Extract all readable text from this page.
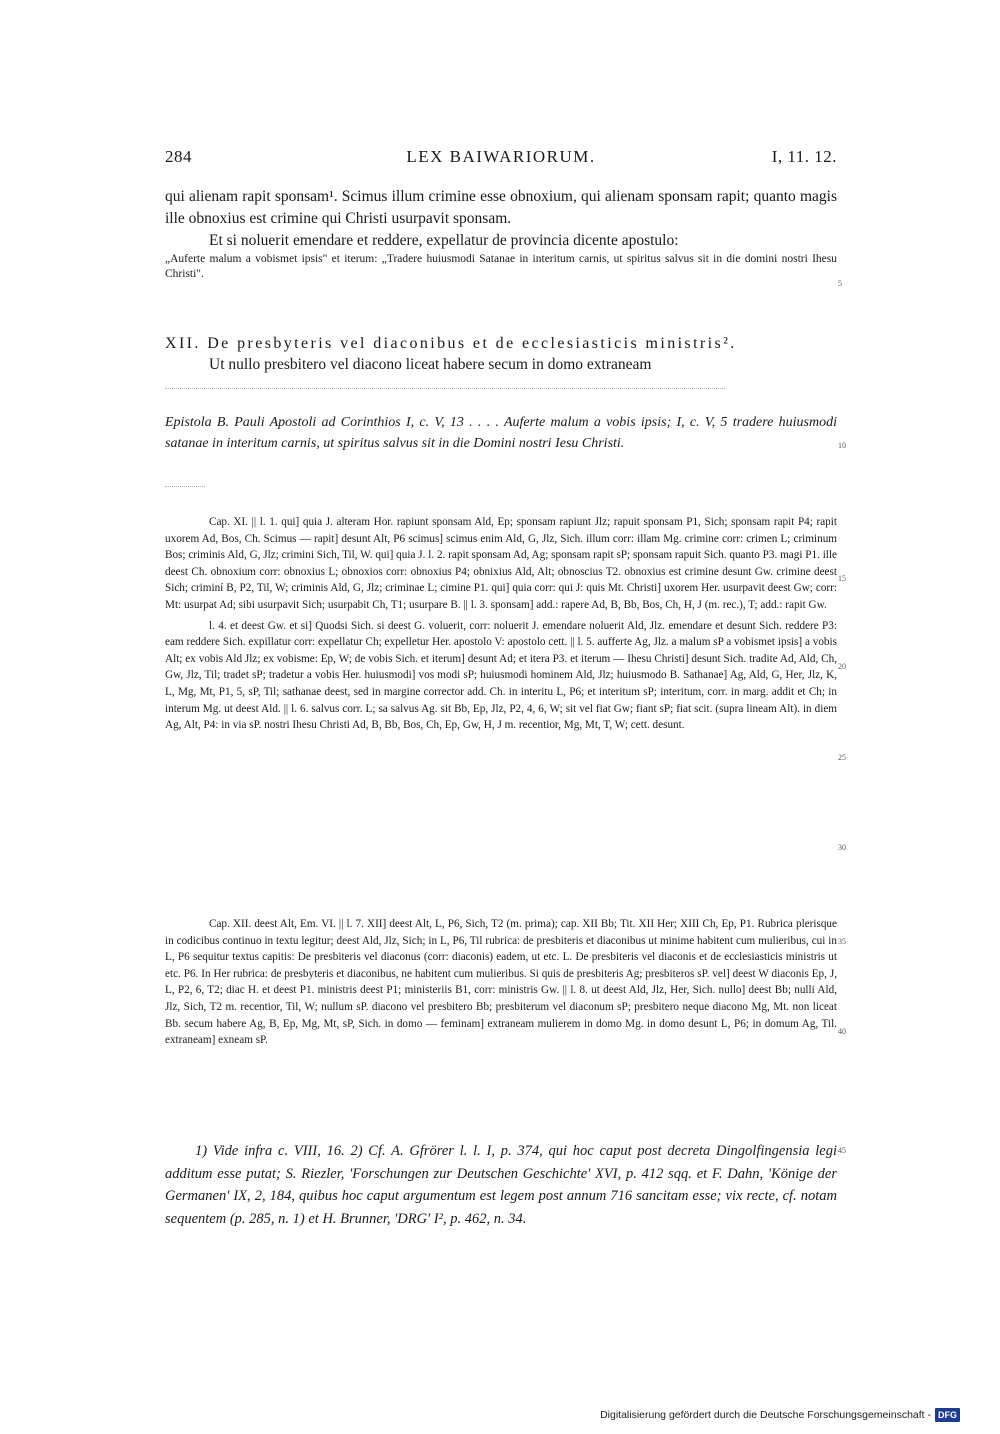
284	LEX BAIWARIORUM.	I, 11. 12.

qui alienam rapit sponsam¹. Scimus illum crimine esse obnoxium, qui alienam sponsam rapit; quanto magis ille obnoxius est crimine qui Christi usurpavit sponsam.

Et si noluerit emendare et reddere, expellatur de provincia dicente apostulo:

„Auferte malum a vobismet ipsis" et iterum: „Tradere huiusmodi Satanae in interitum carnis, ut spiritus salvus sit in die domini nostri Ihesu Christi".

XII. De presbyteris vel diaconibus et de ecclesiasticis ministris².
Ut nullo presbitero vel diacono liceat habere secum in domo extraneam
Epistola B. Pauli Apostoli ad Corinthios I, c. V, 13 . . . . Auferte malum a vobis ipsis; I, c. V, 5 tradere huiusmodi satanae in interitum carnis, ut spiritus salvus sit in die Domini nostri Iesu Christi.

Cap. XI. || l. 1. qui] quia J. alteram Hor. rapiunt sponsam Ald, Ep; sponsam rapiunt Jlz; rapuit sponsam P1, Sich; sponsam rapit P4; rapit uxorem Ad, Bos, Ch. Scimus — rapit] desunt Alt, P6 scimus] scimus enim Ald, G, Jlz, Sich. illum corr: illam Mg. crimine corr: crimen L; criminum Bos; criminis Ald, G, Jlz; crimini Sich, Til, W. qui] quia J. l. 2. rapit sponsam Ad, Ag; sponsam rapit sP; sponsam rapuit Sich. quanto P3. magi P1. ille deest Ch. obnoxium corr: obnoxius L; obnoxios corr: obnoxius P4; obnixius Ald, Alt; obnoscius T2. obnoxius est crimine desunt Gw. crimine deest Sich; criminí B, P2, Til, W; criminis Ald, G, Jlz; criminae L; cimine P1. qui] quia corr: qui J: quis Mt. Christi] uxorem Her. usurpavit deest Gw; corr: Mt: usurpat Ad; sibi usurpavit Sich; usurpabit Ch, T1; usurpare B. || l. 3. sponsam] add.: rapere Ad, B, Bb, Bos, Ch, H, J (m. rec.), T; add.: rapit Gw.

l. 4. et deest Gw. et si] Quodsi Sich. si deest G. voluerit, corr: noluerit J. emendare noluerit Ald, Jlz. emendare et desunt Sich. reddere P3: eam reddere Sich. expillatur corr: expellatur Ch; expelletur Her. apostolo V: apostolo cett. || l. 5. aufferte Ag, Jlz. a malum sP a vobismet ipsis] a vobis Alt; ex vobis Ald Jlz; ex vobisme: Ep, W; de vobis Sich. et iterum] desunt Ad; et itera P3. et iterum — Ihesu Christi] desunt Sich. tradite Ad, Ald, Ch, Gw, Jlz, Til; tradet sP; tradetur a vobis Her. huiusmodi] vos modi sP; huiusmodi hominem Ald, Jlz; huiusmodo B. Sathanae] Ag, Ald, G, Her, Jlz, K, L, Mg, Mt, P1, 5, sP, Til; sathanae deest, sed in margine corrector add. Ch. in interitu L, P6; et interitum sP; interitum, corr. in marg. addit et Ch; in interum Mg. ut deest Ald. || l. 6. salvus corr. L; sa salvus Ag. sit Bb, Ep, Jlz, P2, 4, 6, W; sit vel fiat Gw; fiant sP; fiat scit. (supra lineam Alt). in diem Ag, Alt, P4: in via sP. nostri Ihesu Christi Ad, B, Bb, Bos, Ch, Ep, Gw, H, J m. recentior, Mg, Mt, T, W; cett. desunt.

Cap. XII. deest Alt, Em. VI. || l. 7. XII] deest Alt, L, P6, Sich, T2 (m. prima); cap. XII Bb; Tit. XII Her; XIII Ch, Ep, P1. Rubrica plerisque in codicibus continuo in textu legitur; deest Ald, Jlz, Sich; in L, P6, Til rubrica: de presbiteris et diaconibus ut minime habitent cum mulieribus, cui in L, P6 sequitur textus capitis: De presbiteris vel diaconus (corr: diaconis) eadem, ut etc. L. De presbiteris vel diaconis et de ecclesiasticis ministris ut etc. P6. In Her rubrica: de presbyteris et diaconibus, ne habitent cum mulieribus. Si quis de presbiteris Ag; presbiteros sP. vel] deest W diaconis Ep, J, L, P2, 6, T2; diac H. et deest P1. ministris deest P1; ministeriis B1, corr: ministris Gw. || l. 8. ut deest Ald, Jlz, Her, Sich. nullo] deest Bb; nulli Ald, Jlz, Sich, T2 m. recentior, Til, W; nullum sP. diacono vel presbitero Bb; presbiterum vel diaconum sP; presbitero neque diacono Mg, Mt. non liceat Bb. secum habere Ag, B, Ep, Mg, Mt, sP, Sich. in domo — feminam] extraneam mulierem in domo Mg. in domo desunt L, P6; in domum Ag, Til. extraneam] exneam sP.

1) Vide infra c. VIII, 16. 2) Cf. A. Gfrörer l. l. I, p. 374, qui hoc caput post decreta Dingolfingensia legi additum esse putat; S. Riezler, 'Forschungen zur Deutschen Geschichte' XVI, p. 412 sqq. et F. Dahn, 'Könige der Germanen' IX, 2, 184, quibus hoc caput argumentum est legem post annum 716 sancitam esse; vix recte, cf. notam sequentem (p. 285, n. 1) et H. Brunner, 'DRG' I², p. 462, n. 34.
5
10
15
20
25
30
35
40
45
Digitalisierung gefördert durch die Deutsche Forschungsgemeinschaft - DFG
